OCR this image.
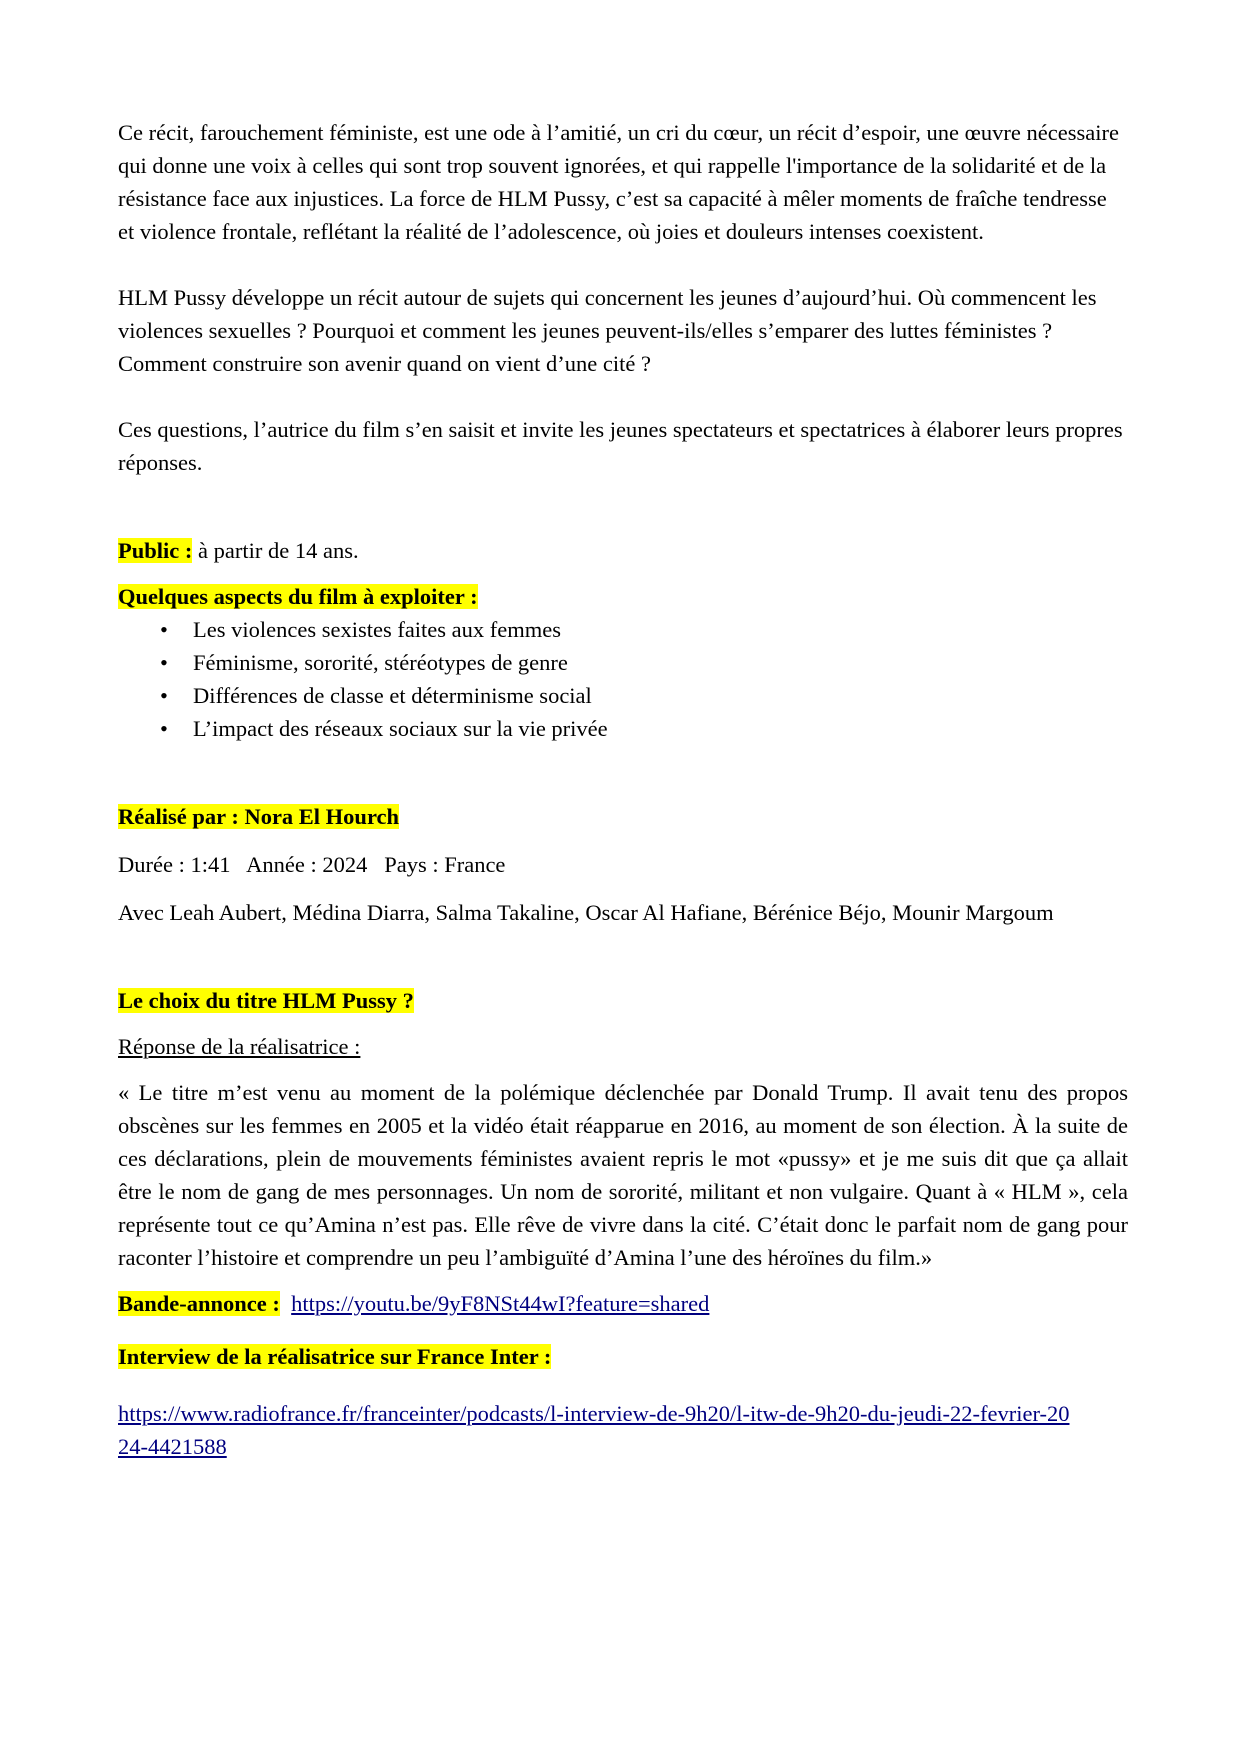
Ce récit, farouchement féministe, est une ode à l’amitié, un cri du cœur, un récit d’espoir, une œuvre nécessaire qui donne une voix à celles qui sont trop souvent ignorées, et qui rappelle l'importance de la solidarité et de la résistance face aux injustices. La force de HLM Pussy, c’est sa capacité à mêler moments de fraîche tendresse et violence frontale, reflétant la réalité de l’adolescence, où joies et douleurs intenses coexistent.

HLM Pussy développe un récit autour de sujets qui concernent les jeunes d’aujourd’hui. Où commencent les violences sexuelles ? Pourquoi et comment les jeunes peuvent-ils/elles s’emparer des luttes féministes ? Comment construire son avenir quand on vient d’une cité ?

Ces questions, l’autrice du film s’en saisit et invite les jeunes spectateurs et spectatrices à élaborer leurs propres réponses.

Public : à partir de 14 ans.

Quelques aspects du film à exploiter :

• Les violences sexistes faites aux femmes
• Féminisme, sororité, stéréotypes de genre
• Différences de classe et déterminisme social
• L’impact des réseaux sociaux sur la vie privée

Réalisé par : Nora El Hourch

Durée : 1:41   Année : 2024   Pays : France

Avec Leah Aubert, Médina Diarra, Salma Takaline, Oscar Al Hafiane, Bérénice Béjo, Mounir Margoum

Le choix du titre HLM Pussy ?

Réponse de la réalisatrice :

« Le titre m’est venu au moment de la polémique déclenchée par Donald Trump. Il avait tenu des propos obscènes sur les femmes en 2005 et la vidéo était réapparue en 2016, au moment de son élection. À la suite de ces déclarations, plein de mouvements féministes avaient repris le mot «pussy» et je me suis dit que ça allait être le nom de gang de mes personnages. Un nom de sororité, militant et non vulgaire. Quant à « HLM », cela représente tout ce qu’Amina n’est pas. Elle rêve de vivre dans la cité. C’était donc le parfait nom de gang pour raconter l’histoire et comprendre un peu l’ambiguïté d’Amina l’une des héroïnes du film.»

Bande-annonce : https://youtu.be/9yF8NSt44wI?feature=shared

Interview de la réalisatrice sur France Inter :

https://www.radiofrance.fr/franceinter/podcasts/l-interview-de-9h20/l-itw-de-9h20-du-jeudi-22-fevrier-2024-4421588
